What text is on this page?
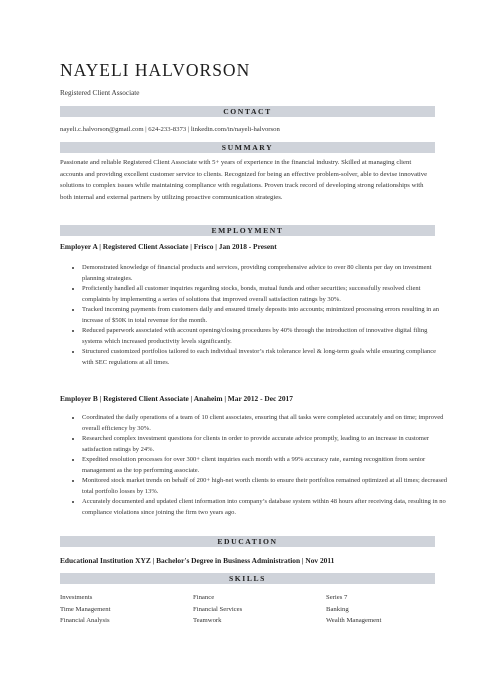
NAYELI HALVORSON
Registered Client Associate
CONTACT
nayeli.c.halvorson@gmail.com | 624-233-8373 | linkedin.com/in/nayeli-halvorson
SUMMARY
Passionate and reliable Registered Client Associate with 5+ years of experience in the financial industry. Skilled at managing client accounts and providing excellent customer service to clients. Recognized for being an effective problem-solver, able to devise innovative solutions to complex issues while maintaining compliance with regulations. Proven track record of developing strong relationships with both internal and external partners by utilizing proactive communication strategies.
EMPLOYMENT
Employer A | Registered Client Associate | Frisco | Jan 2018 - Present
• Demonstrated knowledge of financial products and services, providing comprehensive advice to over 80 clients per day on investment planning strategies.
• Proficiently handled all customer inquiries regarding stocks, bonds, mutual funds and other securities; successfully resolved client complaints by implementing a series of solutions that improved overall satisfaction ratings by 30%.
• Tracked incoming payments from customers daily and ensured timely deposits into accounts; minimized processing errors resulting in an increase of $50K in total revenue for the month.
• Reduced paperwork associated with account opening/closing procedures by 40% through the introduction of innovative digital filing systems which increased productivity levels significantly.
• Structured customized portfolios tailored to each individual investor’s risk tolerance level & long-term goals while ensuring compliance with SEC regulations at all times.
Employer B | Registered Client Associate | Anaheim | Mar 2012 - Dec 2017
• Coordinated the daily operations of a team of 10 client associates, ensuring that all tasks were completed accurately and on time; improved overall efficiency by 30%.
• Researched complex investment questions for clients in order to provide accurate advice promptly, leading to an increase in customer satisfaction ratings by 24%.
• Expedited resolution processes for over 300+ client inquiries each month with a 99% accuracy rate, earning recognition from senior management as the top performing associate.
• Monitored stock market trends on behalf of 200+ high-net worth clients to ensure their portfolios remained optimized at all times; decreased total portfolio losses by 13%.
• Accurately documented and updated client information into company’s database system within 48 hours after receiving data, resulting in no compliance violations since joining the firm two years ago.
EDUCATION
Educational Institution XYZ | Bachelor's Degree in Business Administration | Nov 2011
SKILLS
Investments	Finance	Series 7
Time Management	Financial Services	Banking
Financial Analysis	Teamwork	Wealth Management
